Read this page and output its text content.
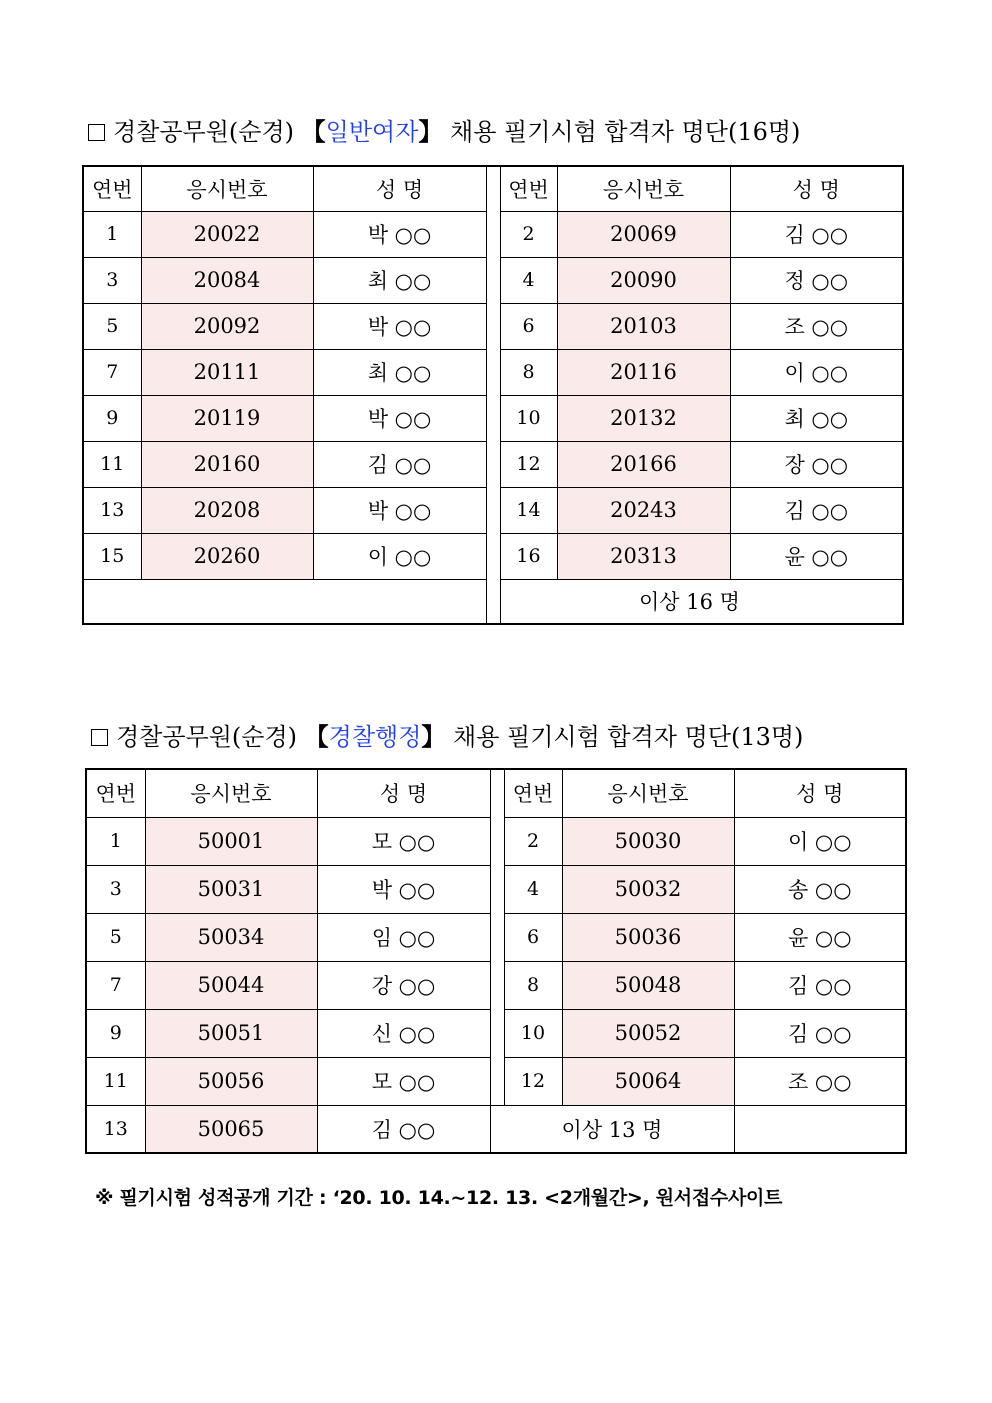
경찰공무원(순경) 【일반여자】 채용 필기시험 합격자 명단(16명)
연번	응시번호	성 명		연번	응시번호	성 명
1	20022	박 ○○		2	20069	김 ○○
3	20084	최 ○○		4	20090	정 ○○
5	20092	박 ○○		6	20103	조 ○○
7	20111	최 ○○		8	20116	이 ○○
9	20119	박 ○○		10	20132	최 ○○
11	20160	김 ○○		12	20166	장 ○○
13	20208	박 ○○		14	20243	김 ○○
15	20260	이 ○○		16	20313	윤 ○○
이상 16 명						
경찰공무원(순경) 【경찰행정】 채용 필기시험 합격자 명단(13명)
연번	응시번호	성 명		연번	응시번호	성 명
1	50001	모 ○○		2	50030	이 ○○
3	50031	박 ○○		4	50032	송 ○○
5	50034	임 ○○		6	50036	윤 ○○
7	50044	강 ○○		8	50048	김 ○○
9	50051	신 ○○		10	50052	김 ○○
11	50056	모 ○○		12	50064	조 ○○
13	50065	김 ○○	이상 13 명			
※ 필기시험 성적공개 기간 : ‘20. 10. 14.~12. 13. <2개월간>, 원서접수사이트
